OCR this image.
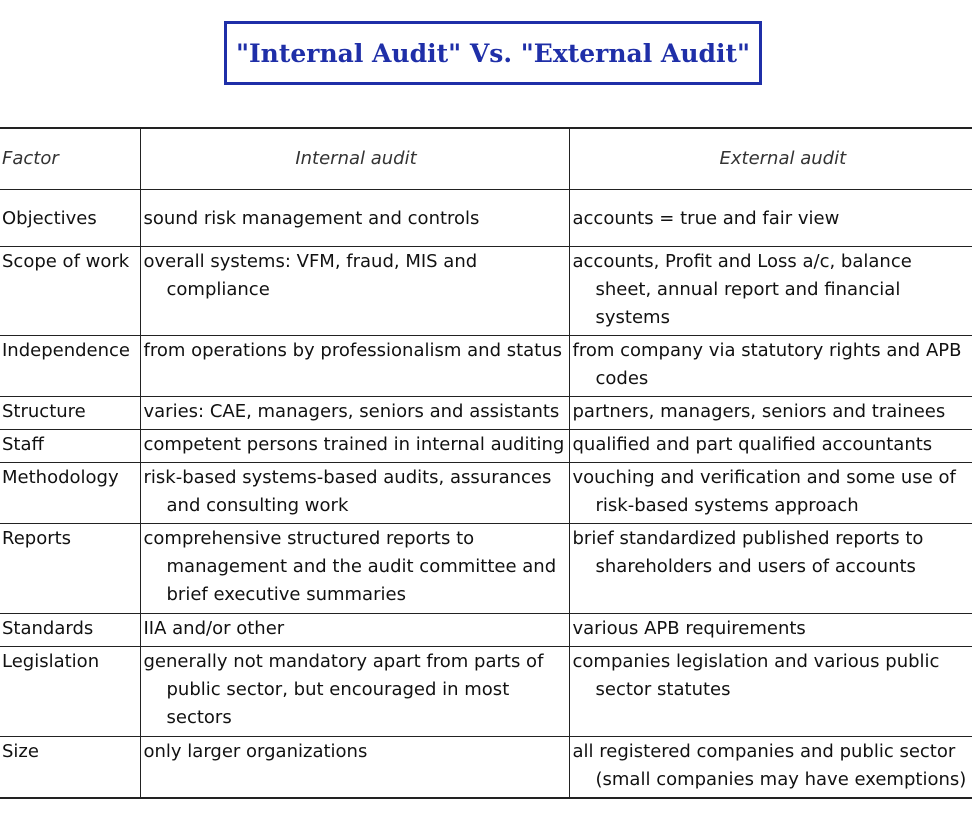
"Internal Audit" Vs. "External Audit"
Factor	Internal audit	External audit

Objectives	sound risk management and controls	accounts = true and fair view

Scope of work	overall systems: VFM, fraud, MIS and compliance	accounts, Profit and Loss a/c, balance sheet, annual report and financial systems

Independence	from operations by professionalism and status	from company via statutory rights and APB codes

Structure	varies: CAE, managers, seniors and assistants	partners, managers, seniors and trainees

Staff	competent persons trained in internal auditing	qualified and part qualified accountants

Methodology	risk-based systems-based audits, assurances and consulting work	vouching and verification and some use of risk-based systems approach

Reports	comprehensive structured reports to management and the audit committee and brief executive summaries	brief standardized published reports to shareholders and users of accounts

Standards	IIA and/or other	various APB requirements

Legislation	generally not mandatory apart from parts of public sector, but encouraged in most sectors	companies legislation and various public sector statutes

Size	only larger organizations	all registered companies and public sector (small companies may have exemptions)
